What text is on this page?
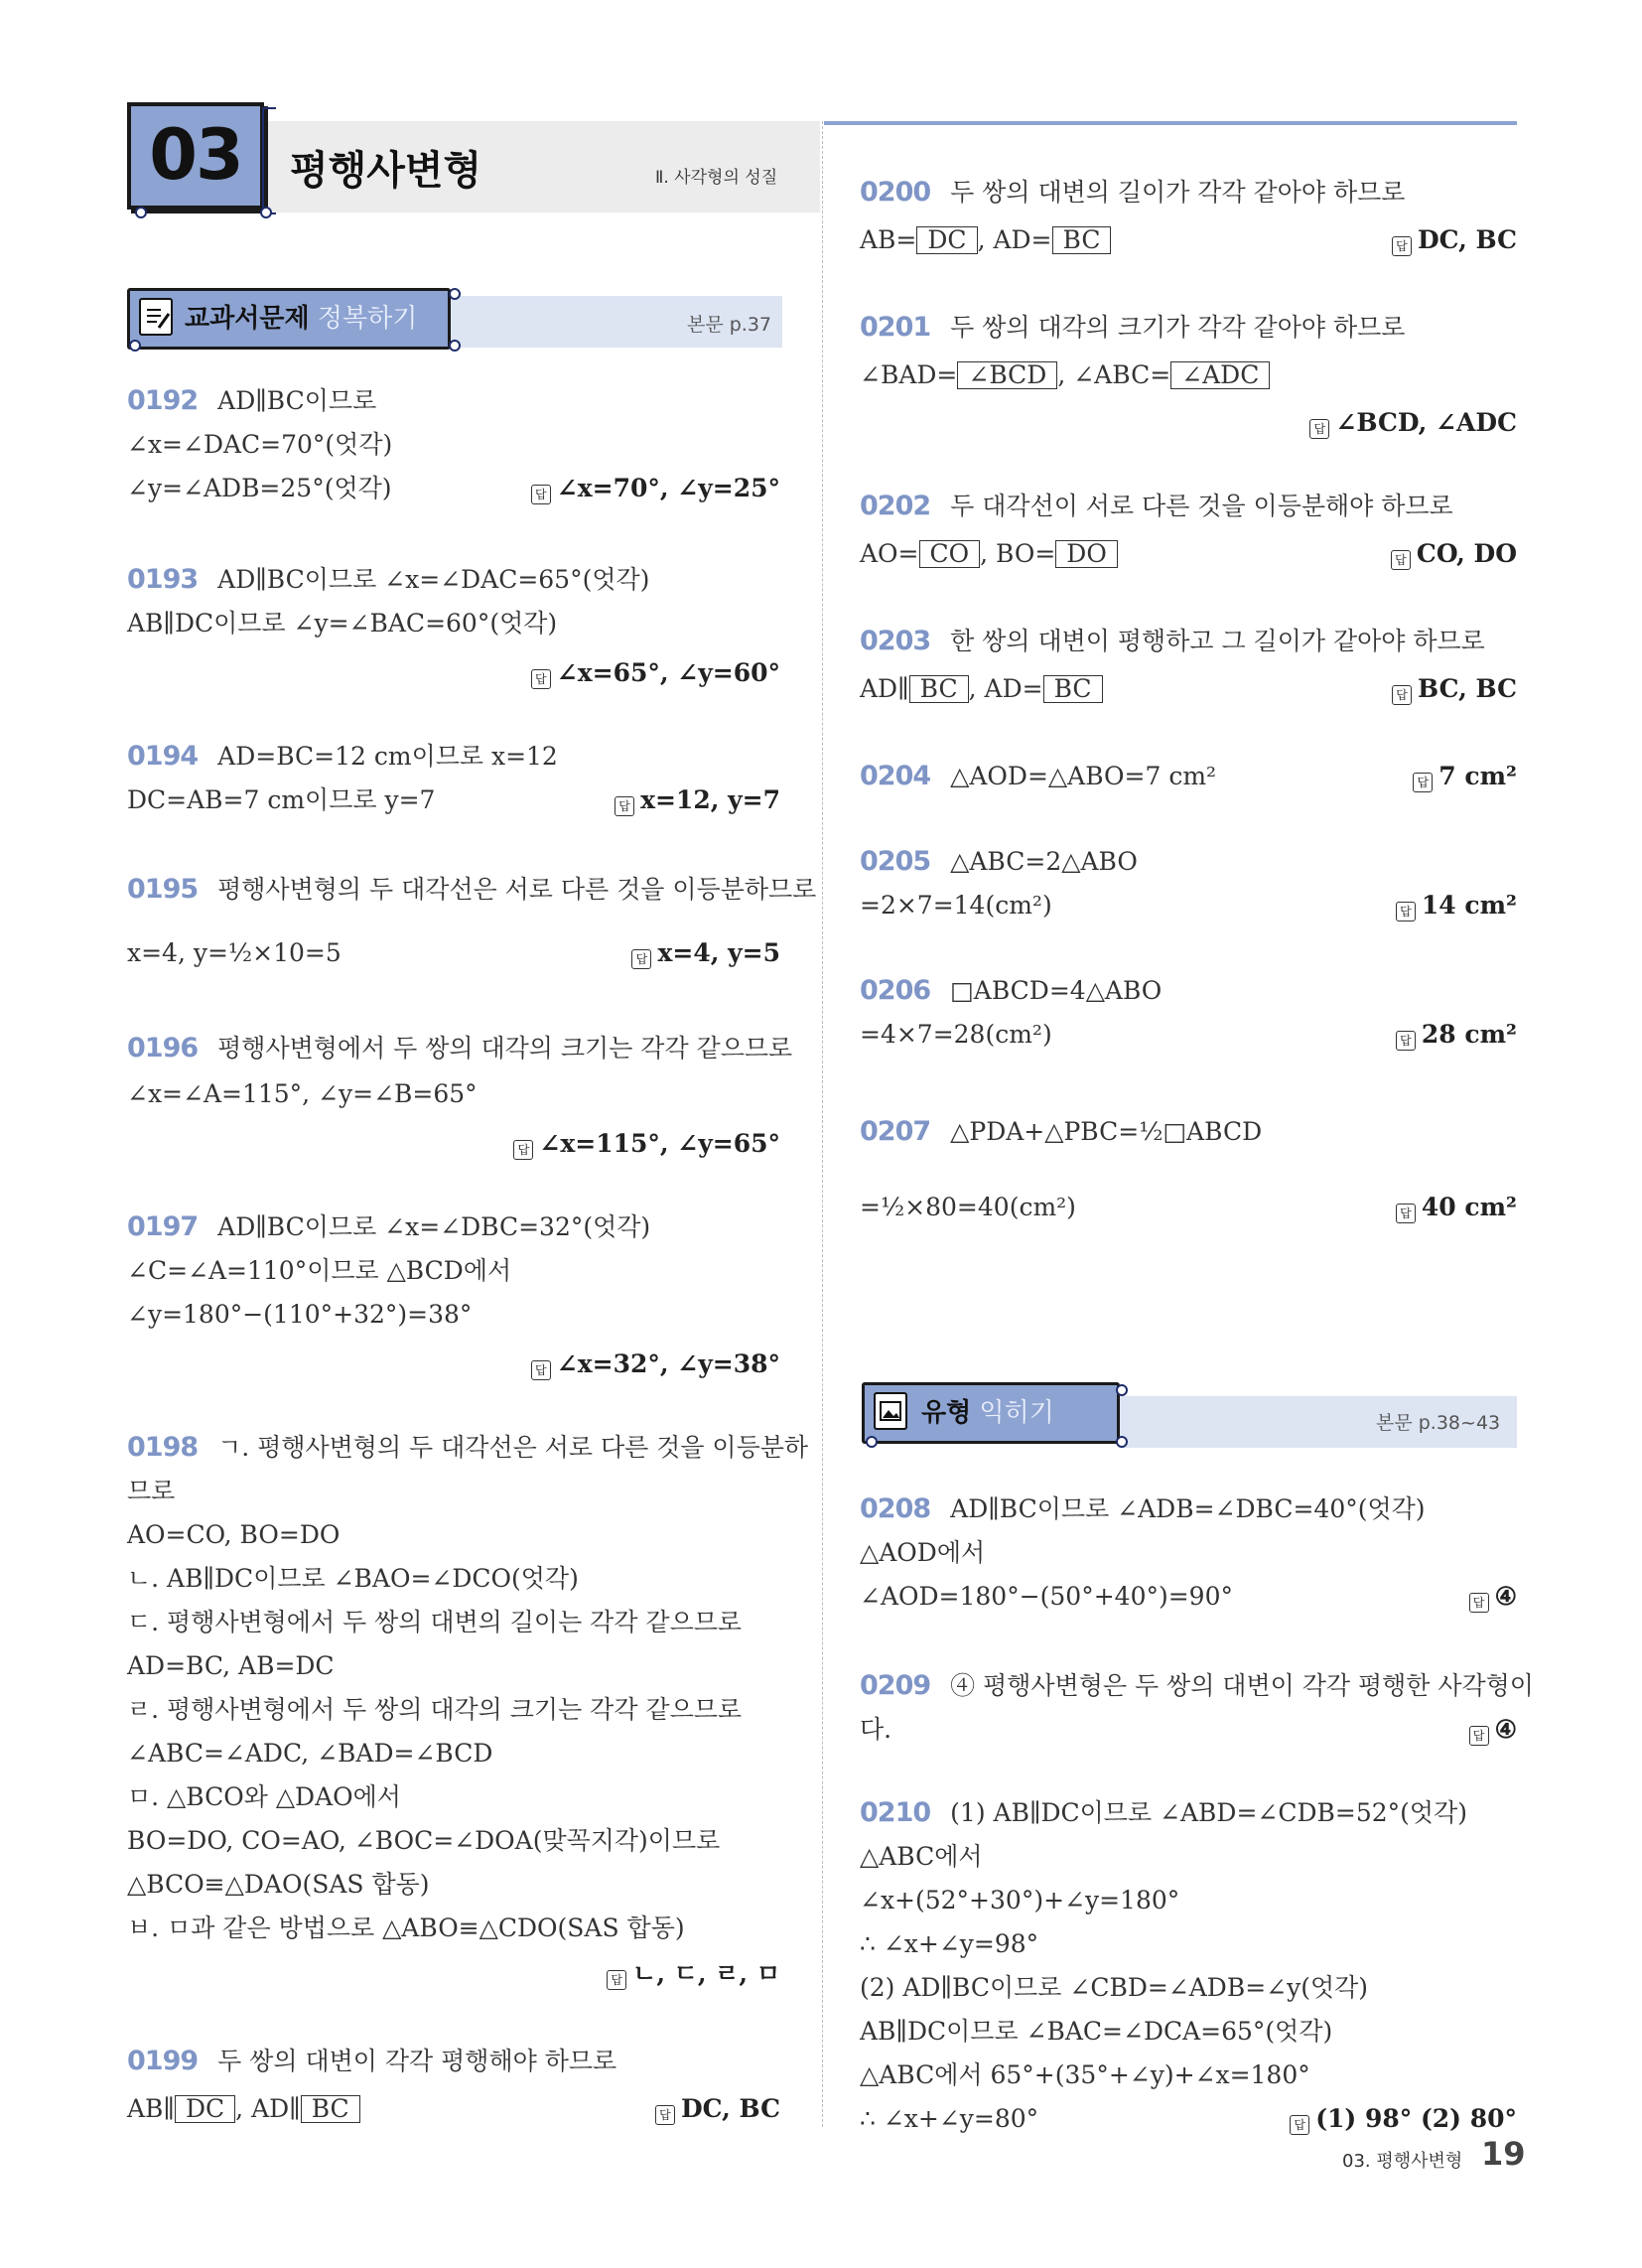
03	평행사변형	Ⅱ. 사각형의 성질
교과서문제 정복하기	본문 p.37
유형 익히기	본문 p.38~43
0192 AD∥BC이므로
∠x=∠DAC=70°(엇각)
∠y=∠ADB=25°(엇각)
0193 AD∥BC이므로 ∠x=∠DAC=65°(엇각)
AB∥DC이므로 ∠y=∠BAC=60°(엇각)
0194 AD=BC=12 cm이므로 x=12
DC=AB=7 cm이므로 y=7
0195 평행사변형의 두 대각선은 서로 다른 것을 이등분하므로
x=4, y=½×10=5
0196 평행사변형에서 두 쌍의 대각의 크기는 각각 같으므로
∠x=∠A=115°, ∠y=∠B=65°
0197 AD∥BC이므로 ∠x=∠DBC=32°(엇각)
∠C=∠A=110°이므로 △BCD에서
∠y=180°−(110°+32°)=38°
0198 ㄱ. 평행사변형의 두 대각선은 서로 다른 것을 이등분하
므로
AO=CO, BO=DO
ㄴ. AB∥DC이므로 ∠BAO=∠DCO(엇각)
ㄷ. 평행사변형에서 두 쌍의 대변의 길이는 각각 같으므로
AD=BC, AB=DC
ㄹ. 평행사변형에서 두 쌍의 대각의 크기는 각각 같으므로
∠ABC=∠ADC, ∠BAD=∠BCD
ㅁ. △BCO와 △DAO에서
BO=DO, CO=AO, ∠BOC=∠DOA(맞꼭지각)이므로
△BCO≡△DAO(SAS 합동)
ㅂ. ㅁ과 같은 방법으로 △ABO≡△CDO(SAS 합동)
0199 두 쌍의 대변이 각각 평행해야 하므로
답 ∠x=70°, ∠y=25°
답 ∠x=65°, ∠y=60°
답 x=12, y=7
답 x=4, y=5
답 ∠x=115°, ∠y=65°
답 ∠x=32°, ∠y=38°
답 ㄴ, ㄷ, ㄹ, ㅁ
답 DC, BC
0200 두 쌍의 대변의 길이가 각각 같아야 하므로
0201 두 쌍의 대각의 크기가 각각 같아야 하므로
0202 두 대각선이 서로 다른 것을 이등분해야 하므로
0203 한 쌍의 대변이 평행하고 그 길이가 같아야 하므로
0204 △AOD=△ABO=7 cm²
0205 △ABC=2△ABO
=2×7=14(cm²)
0206 □ABCD=4△ABO
=4×7=28(cm²)
0207 △PDA+△PBC=½□ABCD
=½×80=40(cm²)
0208 AD∥BC이므로 ∠ADB=∠DBC=40°(엇각)
△AOD에서
∠AOD=180°−(50°+40°)=90°
0209 ④ 평행사변형은 두 쌍의 대변이 각각 평행한 사각형이
다.
0210 (1) AB∥DC이므로 ∠ABD=∠CDB=52°(엇각)
△ABC에서
∠x+(52°+30°)+∠y=180°
∴ ∠x+∠y=98°
(2) AD∥BC이므로 ∠CBD=∠ADB=∠y(엇각)
AB∥DC이므로 ∠BAC=∠DCA=65°(엇각)
△ABC에서 65°+(35°+∠y)+∠x=180°
∴ ∠x+∠y=80°
AB= DC , AD= BC
∠BAD= ∠BCD , ∠ABC= ∠ADC
AO= CO , BO= DO
AD∥ BC , AD= BC
답 DC, BC
답 ∠BCD, ∠ADC
답 CO, DO
답 BC, BC
답 7 cm²
답 14 cm²
답 28 cm²
답 40 cm²
답 ④
답 ④
답 (1) 98° (2) 80°
AB∥ DC , AD∥ BC
03. 평행사변형 19
